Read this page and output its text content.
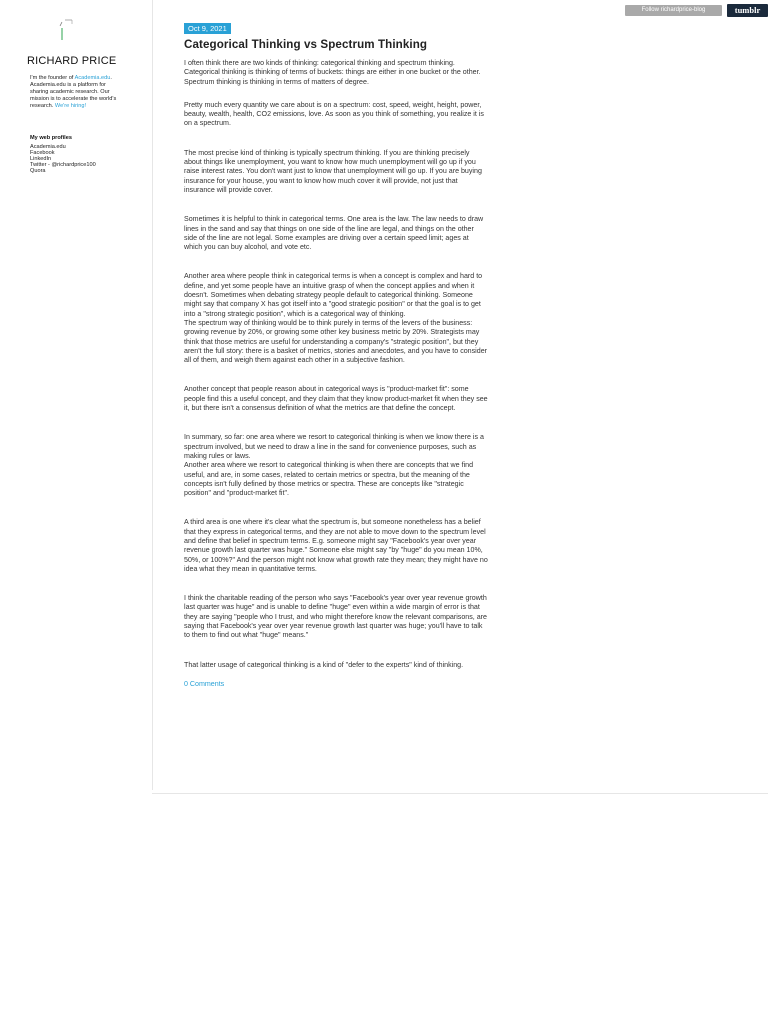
RICHARD PRICE
I'm the founder of Academia.edu. Academia.edu is a platform for sharing academic research. Our mission is to accelerate the world's research. We're hiring!
My web profiles
Academia.edu
Facebook
LinkedIn
Twitter - @richardprice100
Quora
Follow richardprice-blog	tumblr
Oct 9, 2021
Categorical Thinking vs Spectrum Thinking

I often think there are two kinds of thinking: categorical thinking and spectrum thinking. Categorical thinking is thinking of terms of buckets: things are either in one bucket or the other. Spectrum thinking is thinking in terms of matters of degree.

Pretty much every quantity we care about is on a spectrum: cost, speed, weight, height, power, beauty, wealth, health, CO2 emissions, love. As soon as you think of something, you realize it is on a spectrum.

The most precise kind of thinking is typically spectrum thinking. If you are thinking precisely about things like unemployment, you want to know how much unemployment will go up if you raise interest rates. You don't want just to know that unemployment will go up. If you are buying insurance for your house, you want to know how much cover it will provide, not just that insurance will provide cover.

Sometimes it is helpful to think in categorical terms. One area is the law. The law needs to draw lines in the sand and say that things on one side of the line are legal, and things on the other side of the line are not legal. Some examples are driving over a certain speed limit; ages at which you can buy alcohol, and vote etc.

Another area where people think in categorical terms is when a concept is complex and hard to define, and yet some people have an intuitive grasp of when the concept applies and when it doesn't. Sometimes when debating strategy people default to categorical thinking. Someone might say that company X has got itself into a "good strategic position" or that the goal is to get into a "strong strategic position", which is a categorical way of thinking.

The spectrum way of thinking would be to think purely in terms of the levers of the business: growing revenue by 20%, or growing some other key business metric by 20%. Strategists may think that those metrics are useful for understanding a company's "strategic position", but they aren't the full story: there is a basket of metrics, stories and anecdotes, and you have to consider all of them, and weigh them against each other in a subjective fashion.

Another concept that people reason about in categorical ways is "product-market fit": some people find this a useful concept, and they claim that they know product-market fit when they see it, but there isn't a consensus definition of what the metrics are that define the concept.

In summary, so far: one area where we resort to categorical thinking is when we know there is a spectrum involved, but we need to draw a line in the sand for convenience purposes, such as making rules or laws.

Another area where we resort to categorical thinking is when there are concepts that we find useful, and are, in some cases, related to certain metrics or spectra, but the meaning of the concepts isn't fully defined by those metrics or spectra. These are concepts like "strategic position" and "product-market fit".

A third area is one where it's clear what the spectrum is, but someone nonetheless has a belief that they express in categorical terms, and they are not able to move down to the spectrum level and define that belief in spectrum terms. E.g. someone might say "Facebook's year over year revenue growth last quarter was huge." Someone else might say "by "huge" do you mean 10%, 50%, or 100%?" And the person might not know what growth rate they mean; they might have no idea what they mean in quantitative terms.

I think the charitable reading of the person who says "Facebook's year over year revenue growth last quarter was huge" and is unable to define "huge" even within a wide margin of error is that they are saying "people who I trust, and who might therefore know the relevant comparisons, are saying that Facebook's year over year revenue growth last quarter was huge; you'll have to talk to them to find out what "huge" means."

That latter usage of categorical thinking is a kind of "defer to the experts" kind of thinking.

0 Comments
